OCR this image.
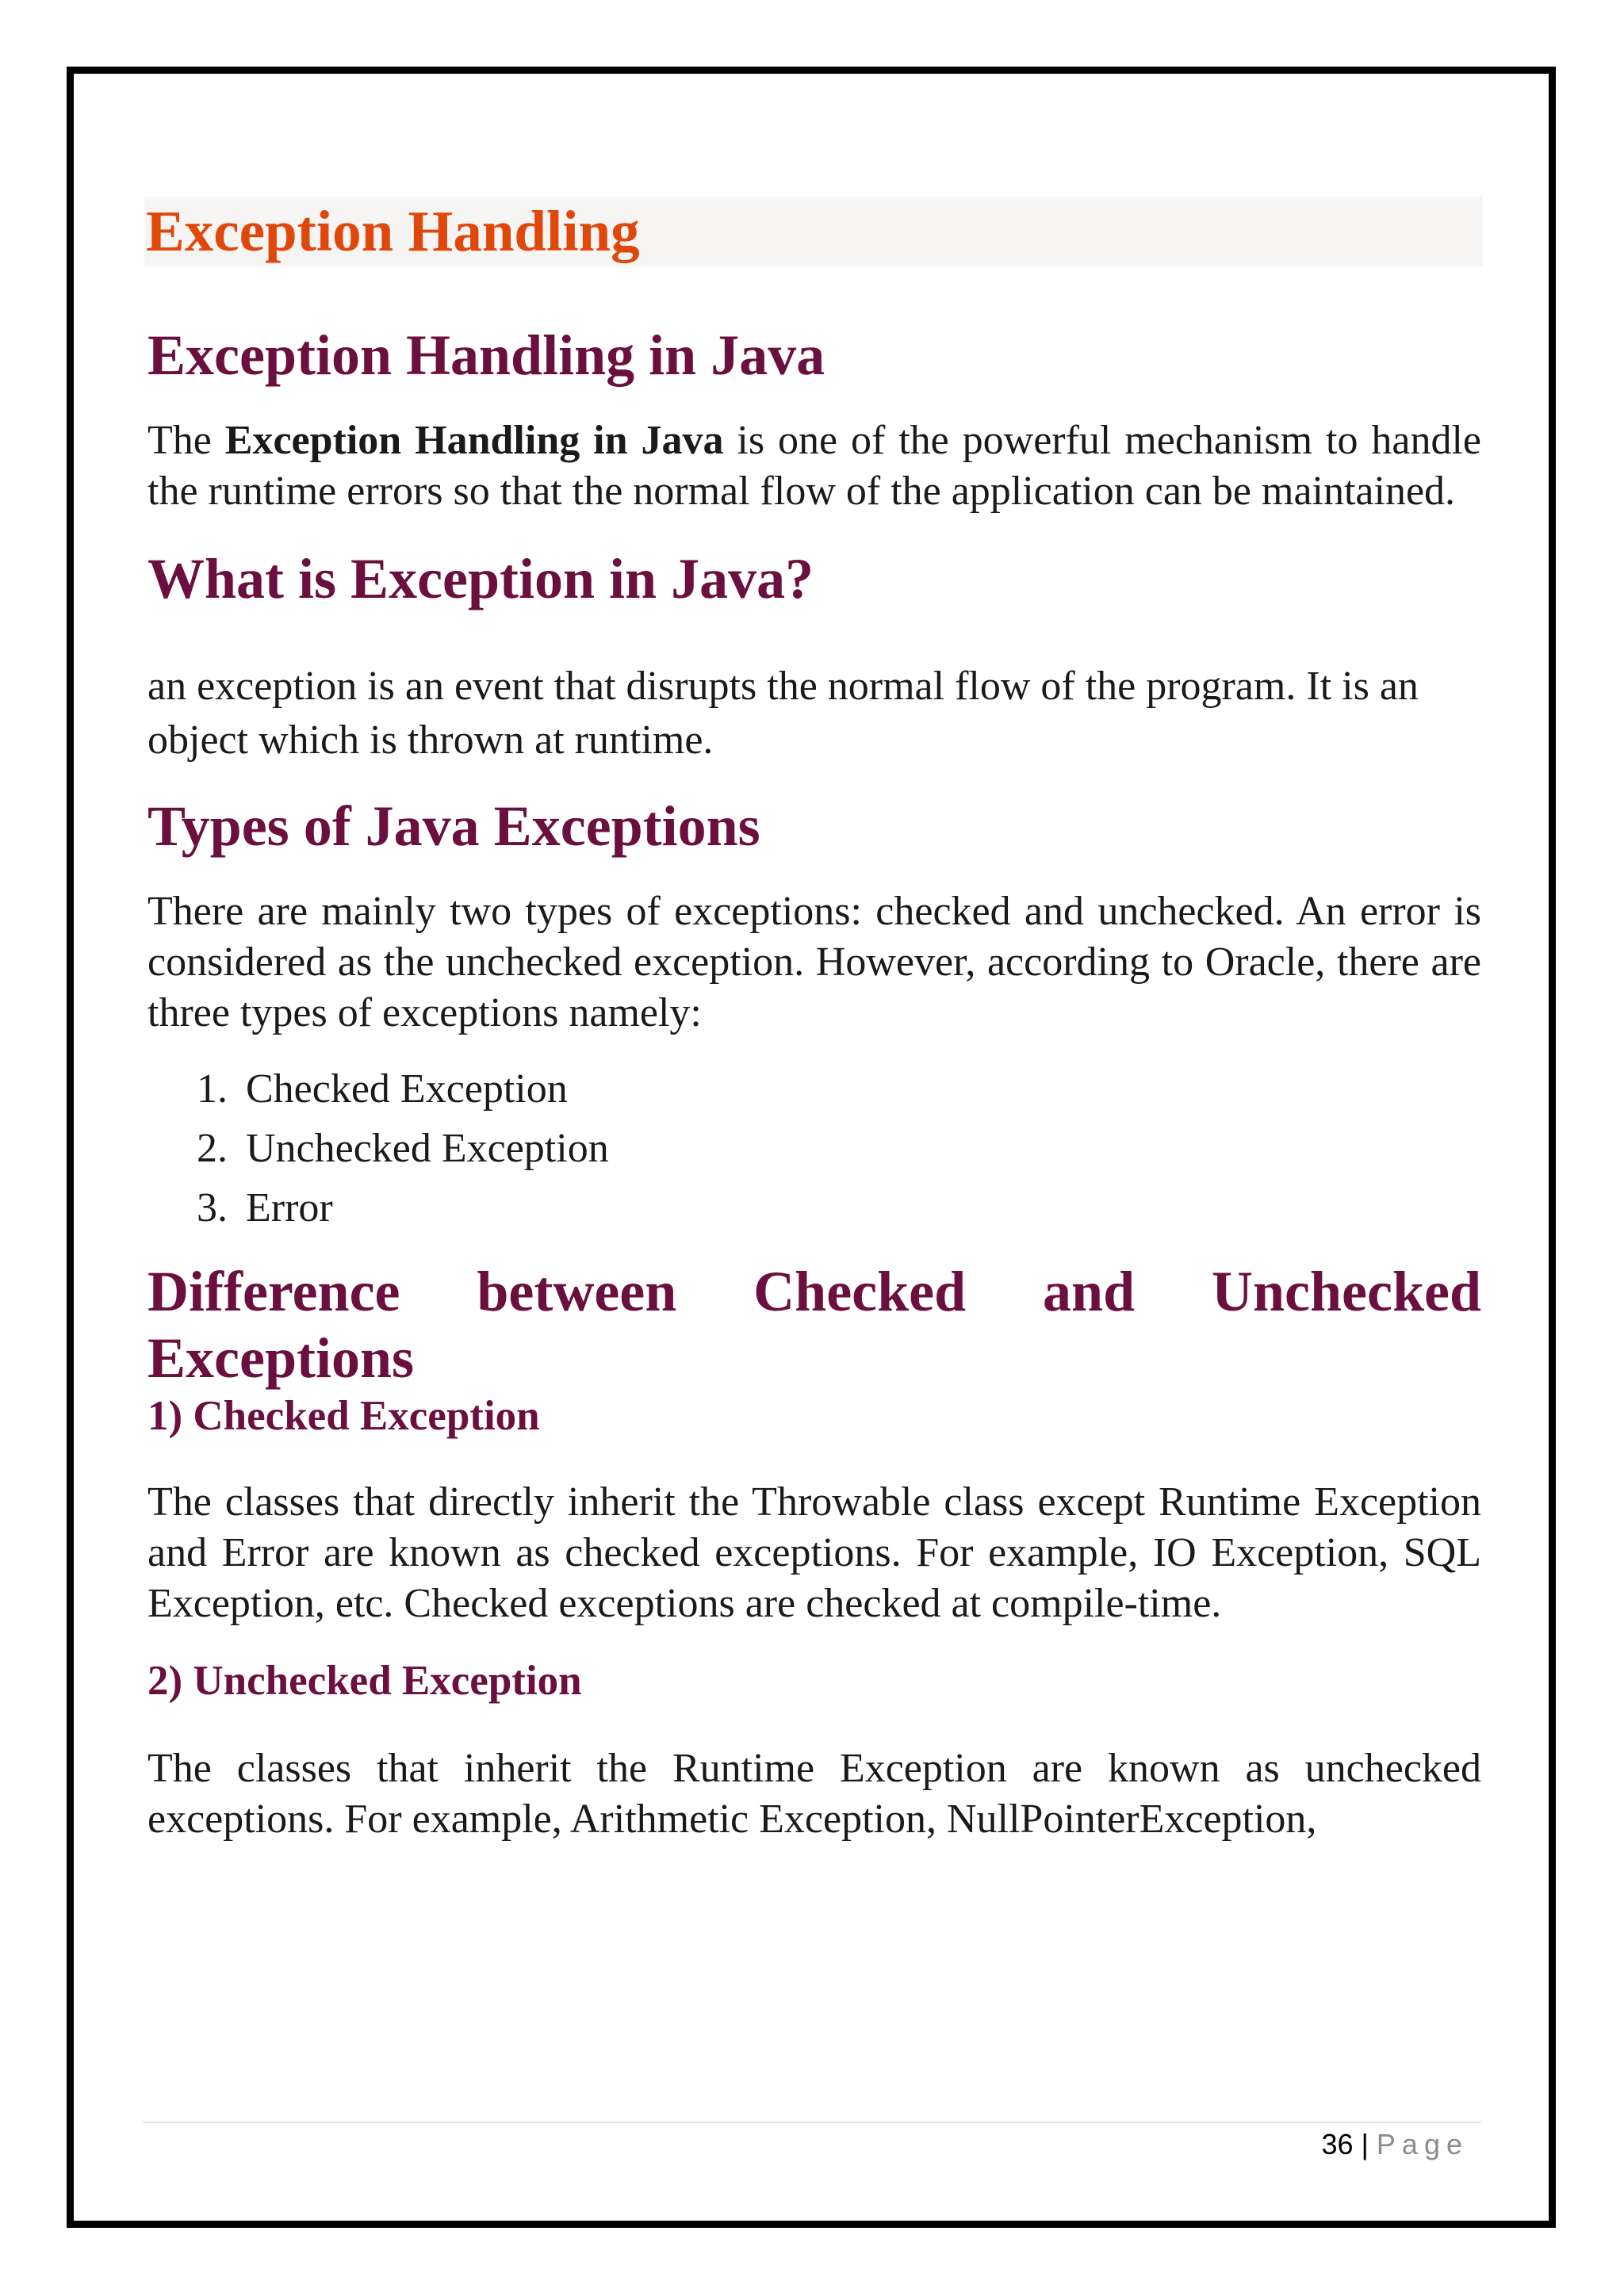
Exception Handling
Exception Handling in Java

The Exception Handling in Java is one of the powerful mechanism to handle the runtime errors so that the normal flow of the application can be maintained.

What is Exception in Java?

an exception is an event that disrupts the normal flow of the program. It is an object which is thrown at runtime.

Types of Java Exceptions

There are mainly two types of exceptions: checked and unchecked. An error is considered as the unchecked exception. However, according to Oracle, there are three types of exceptions namely:

1. Checked Exception
2. Unchecked Exception
3. Error
Difference between Checked and Unchecked Exceptions
1) Checked Exception

The classes that directly inherit the Throwable class except Runtime Exception and Error are known as checked exceptions. For example, IO Exception, SQL Exception, etc. Checked exceptions are checked at compile-time.

2) Unchecked Exception

The classes that inherit the Runtime Exception are known as unchecked exceptions. For example, Arithmetic Exception, NullPointerException,

36 | Page
